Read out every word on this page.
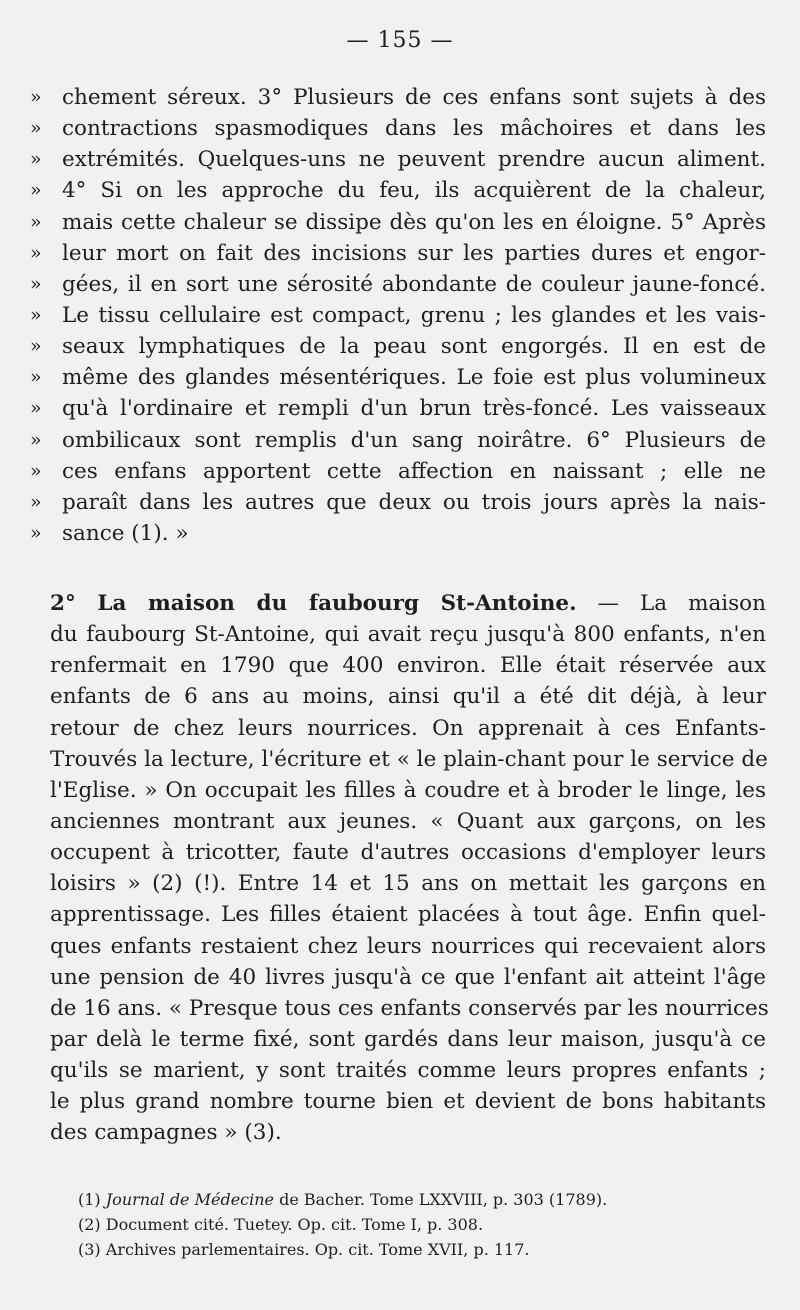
— 155 —
» chement séreux. 3° Plusieurs de ces enfans sont sujets à des
» contractions spasmodiques dans les mâchoires et dans les
» extrémités. Quelques-uns ne peuvent prendre aucun aliment.
» 4° Si on les approche du feu, ils acquièrent de la chaleur,
» mais cette chaleur se dissipe dès qu'on les en éloigne. 5° Après
» leur mort on fait des incisions sur les parties dures et engor-
» gées, il en sort une sérosité abondante de couleur jaune-foncé.
» Le tissu cellulaire est compact, grenu ; les glandes et les vais-
» seaux lymphatiques de la peau sont engorgés. Il en est de
» même des glandes mésentériques. Le foie est plus volumineux
» qu'à l'ordinaire et rempli d'un brun très-foncé. Les vaisseaux
» ombilicaux sont remplis d'un sang noirâtre. 6° Plusieurs de
» ces enfans apportent cette affection en naissant ; elle ne
» paraît dans les autres que deux ou trois jours après la nais-
» sance (1). »
2° La maison du faubourg St-Antoine. — La maison
du faubourg St-Antoine, qui avait reçu jusqu'à 800 enfants, n'en
renfermait en 1790 que 400 environ. Elle était réservée aux
enfants de 6 ans au moins, ainsi qu'il a été dit déjà, à leur
retour de chez leurs nourrices. On apprenait à ces Enfants-
Trouvés la lecture, l'écriture et « le plain-chant pour le service de
l'Eglise. » On occupait les filles à coudre et à broder le linge, les
anciennes montrant aux jeunes. « Quant aux garçons, on les
occupent à tricotter, faute d'autres occasions d'employer leurs
loisirs » (2) (!). Entre 14 et 15 ans on mettait les garçons en
apprentissage. Les filles étaient placées à tout âge. Enfin quel-
ques enfants restaient chez leurs nourrices qui recevaient alors
une pension de 40 livres jusqu'à ce que l'enfant ait atteint l'âge
de 16 ans. « Presque tous ces enfants conservés par les nourrices
par delà le terme fixé, sont gardés dans leur maison, jusqu'à ce
qu'ils se marient, y sont traités comme leurs propres enfants ;
le plus grand nombre tourne bien et devient de bons habitants
des campagnes » (3).
(1) Journal de Médecine de Bacher. Tome LXXVIII, p. 303 (1789).
(2) Document cité. Tuetey. Op. cit. Tome I, p. 308.
(3) Archives parlementaires. Op. cit. Tome XVII, p. 117.
